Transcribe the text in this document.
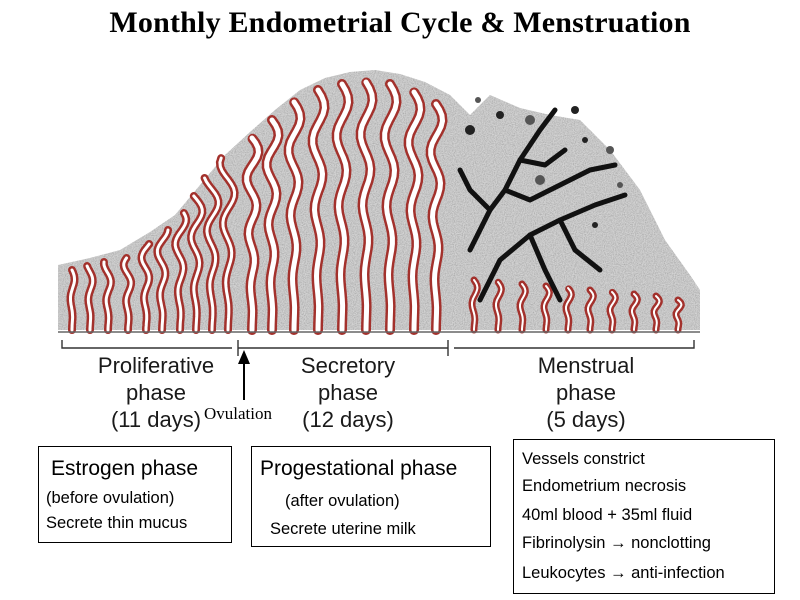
Monthly Endometrial Cycle & Menstruation
Proliferative
phase
(11 days)
Secretory
phase
(12 days)
Menstrual
phase
(5 days)
Ovulation
Estrogen phase
(before ovulation)
Secrete thin mucus
Progestational phase
(after ovulation)
Secrete uterine milk
Vessels constrict
Endometrium necrosis
40ml blood + 35ml fluid
Fibrinolysin → nonclotting
Leukocytes → anti-infection
